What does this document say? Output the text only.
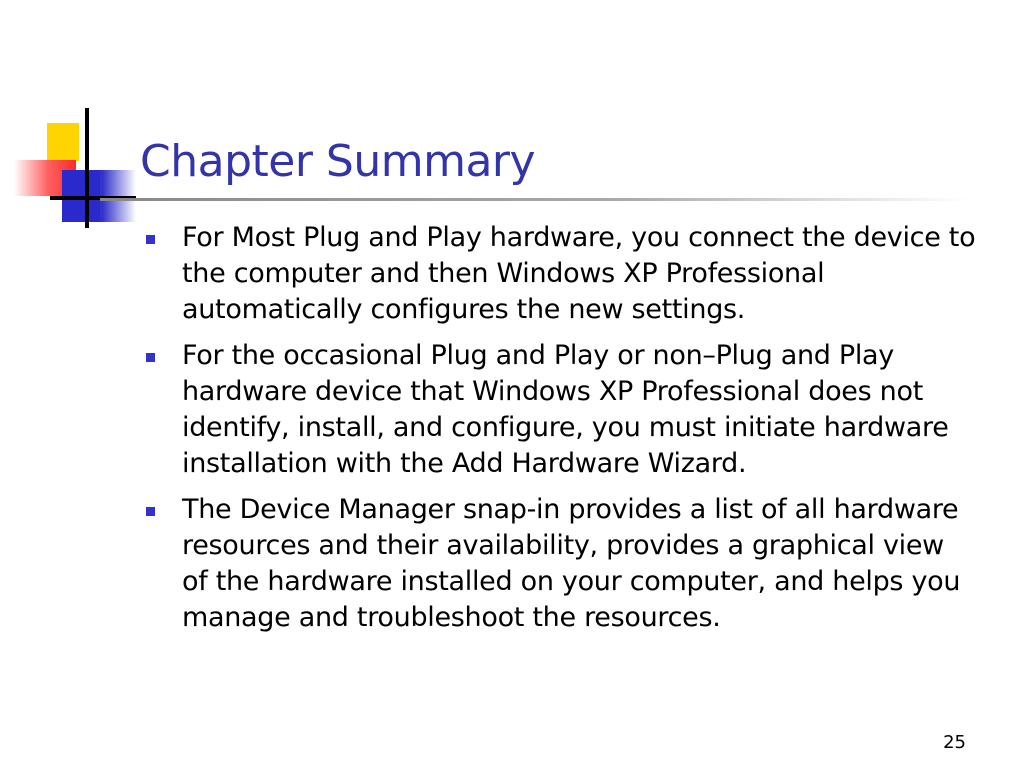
Chapter Summary
For Most Plug and Play hardware, you connect the device to the computer and then Windows XP Professional automatically configures the new settings.
For the occasional Plug and Play or non–Plug and Play hardware device that Windows XP Professional does not identify, install, and configure, you must initiate hardware installation with the Add Hardware Wizard.
The Device Manager snap-in provides a list of all hardware resources and their availability, provides a graphical view of the hardware installed on your computer, and helps you manage and troubleshoot the resources.
25
